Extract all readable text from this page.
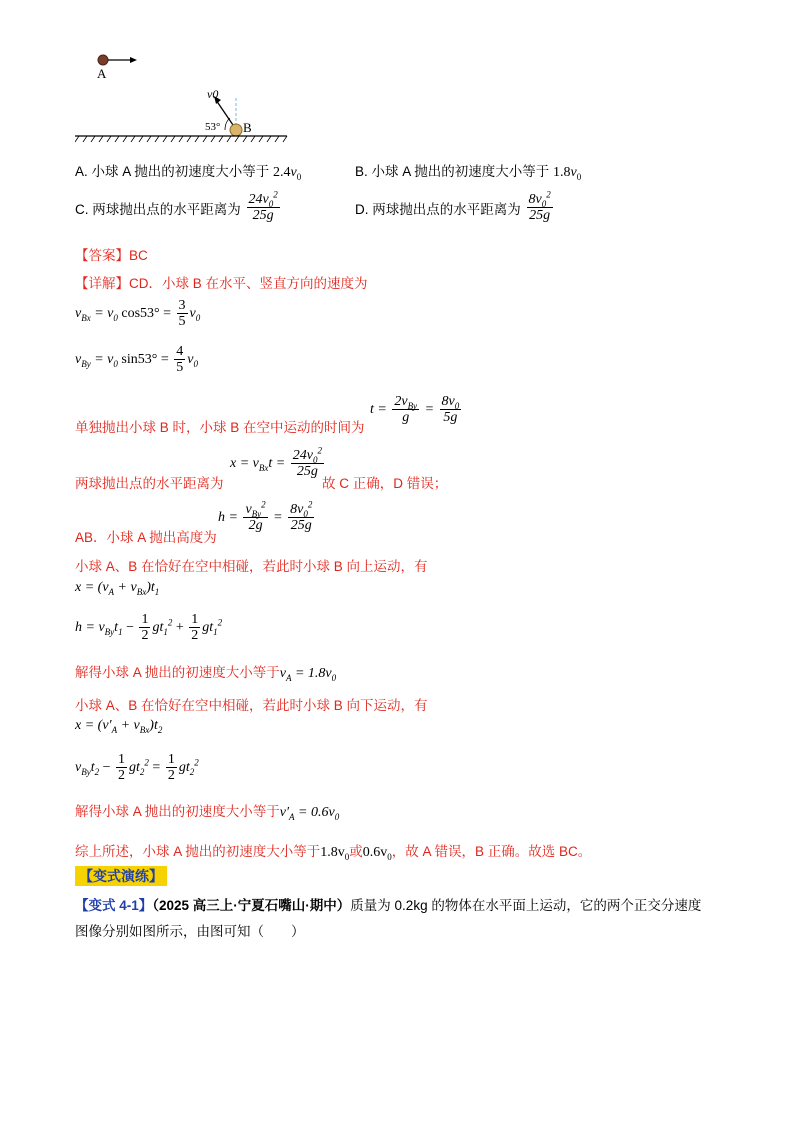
A
B
v0
53°
A. 小球 A 抛出的初速度大小等于 $2.4v_0$	B. 小球 A 抛出的初速度大小等于 $1.8v_0$
C. 两球抛出点的水平距离为 $\frac{24v_0^2}{25g}$	D. 两球抛出点的水平距离为 $\frac{8v_0^2}{25g}$
【答案】BC
【详解】CD．小球 B 在水平、竖直方向的速度为
$v_{Bx} = v_0$ $\cos 53^\circ = \frac{3}{5} v_0$
$v_{By} = v_0$ $\sin 53^\circ = \frac{4}{5} v_0$
单独抛出小球 B 时，小球 B 在空中运动的时间为
$t = \frac{2v_{By}}{g} = \frac{8v_0}{5g}$
两球抛出点的水平距离为
$x = v_{Bx}t = \frac{24v_0^2}{25g}$
故 C 正确，D 错误；
AB．小球 A 抛出高度为
$h = \frac{v_{By}^2}{2g} = \frac{8v_0^2}{25g}$
小球 A、B 在恰好在空中相碰，若此时小球 B 向上运动，有
$x = (v_A + v_{Bx})t_1$
$h = v_{By}t_1 - \frac{1}{2} gt_1^2 + \frac{1}{2} gt_1^2$
解得小球 A 抛出的初速度大小等于$v_A = 1.8v_0$
小球 A、B 在恰好在空中相碰，若此时小球 B 向下运动，有
$x = (v'_A + v_{Bx})t_2$
$v_{By}t_2 - \frac{1}{2} gt_2^2 = \frac{1}{2} gt_2^2$
解得小球 A 抛出的初速度大小等于$v'_A = 0.6v_0$
综上所述，小球 A 抛出的初速度大小等于$1.8v_0$或$0.6v_0$，故 A 错误，B 正确。故选 BC。
【变式演练】
【变式 4-1】（2025 高三上·宁夏石嘴山·期中）质量为 0.2kg 的物体在水平面上运动，它的两个正交分速度
图像分别如图所示，由图可知（　　）
